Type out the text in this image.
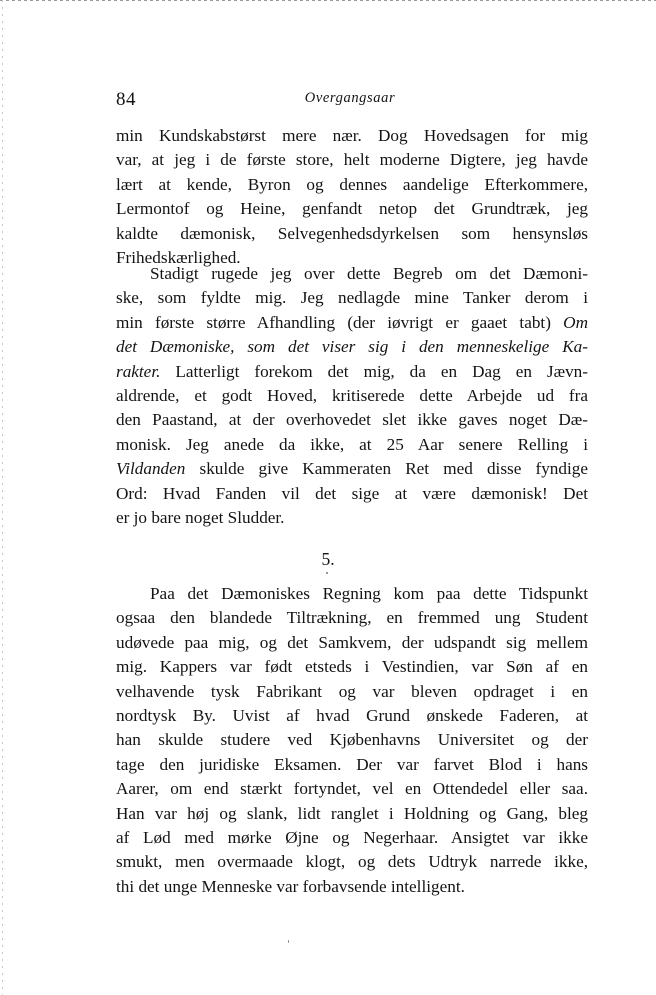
84	Overgangsaar
min Kundskabstørst mere nær. Dog Hovedsagen for mig
var, at jeg i de første store, helt moderne Digtere, jeg havde
lært at kende, Byron og dennes aandelige Efterkommere,
Lermontof og Heine, genfandt netop det Grundtræk, jeg
kaldte dæmonisk, Selvegenhedsdyrkelsen som hensynsløs
Frihedskærlighed.
Stadigt rugede jeg over dette Begreb om det Dæmoni-
ske, som fyldte mig. Jeg nedlagde mine Tanker derom i
min første større Afhandling (der iøvrigt er gaaet tabt) Om
det Dæmoniske, som det viser sig i den menneskelige Ka-
rakter. Latterligt forekom det mig, da en Dag en Jævn-
aldrende, et godt Hoved, kritiserede dette Arbejde ud fra
den Paastand, at der overhovedet slet ikke gaves noget Dæ-
monisk. Jeg anede da ikke, at 25 Aar senere Relling i
Vildanden skulde give Kammeraten Ret med disse fyndige
Ord: Hvad Fanden vil det sige at være dæmonisk! Det
er jo bare noget Sludder.
5.
Paa det Dæmoniskes Regning kom paa dette Tidspunkt
ogsaa den blandede Tiltrækning, en fremmed ung Student
udøvede paa mig, og det Samkvem, der udspandt sig mellem
mig. Kappers var født etsteds i Vestindien, var Søn af en
velhavende tysk Fabrikant og var bleven opdraget i en
nordtysk By. Uvist af hvad Grund ønskede Faderen, at
han skulde studere ved Kjøbenhavns Universitet og der
tage den juridiske Eksamen. Der var farvet Blod i hans
Aarer, om end stærkt fortyndet, vel en Ottendedel eller saa.
Han var høj og slank, lidt ranglet i Holdning og Gang, bleg
af Lød med mørke Øjne og Negerhaar. Ansigtet var ikke
smukt, men overmaade klogt, og dets Udtryk narrede ikke,
thi det unge Menneske var forbavsende intelligent.
